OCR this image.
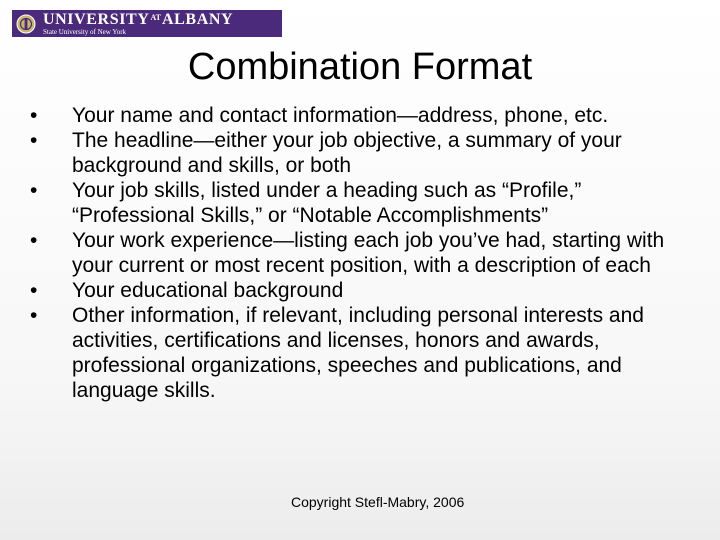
$UNIVERSITY^{AT}ALBANY$
State University of New York
Combination Format
•	Your name and contact information—address, phone, etc.
•	The headline—either your job objective, a summary of your background and skills, or both
•	Your job skills, listed under a heading such as “Profile,” “Professional Skills,” or “Notable Accomplishments”
•	Your work experience—listing each job you’ve had, starting with your current or most recent position, with a description of each
•	Your educational background
•	Other information, if relevant, including personal interests and activities, certifications and licenses, honors and awards, professional organizations, speeches and publications, and language skills.
Copyright Stefl-Mabry, 2006
